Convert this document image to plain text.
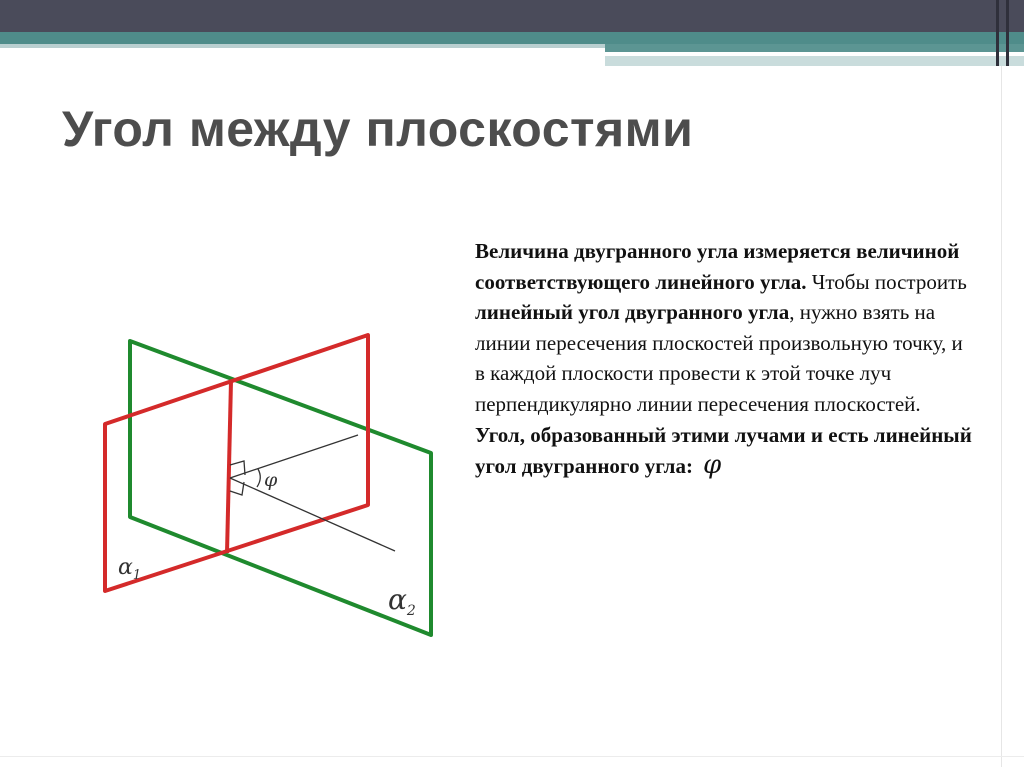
Угол между плоскостями
φ
$\alpha_1$
$\alpha_2$
Величина двугранного угла измеряется величиной соответствующего линейного угла. Чтобы построить линейный угол двугранного угла, нужно взять на линии пересечения плоскостей произвольную точку, и в каждой плоскости провести к этой точке луч перпендикулярно линии пересечения плоскостей. Угол, образованный этими лучами и есть линейный угол двугранного угла: φ
